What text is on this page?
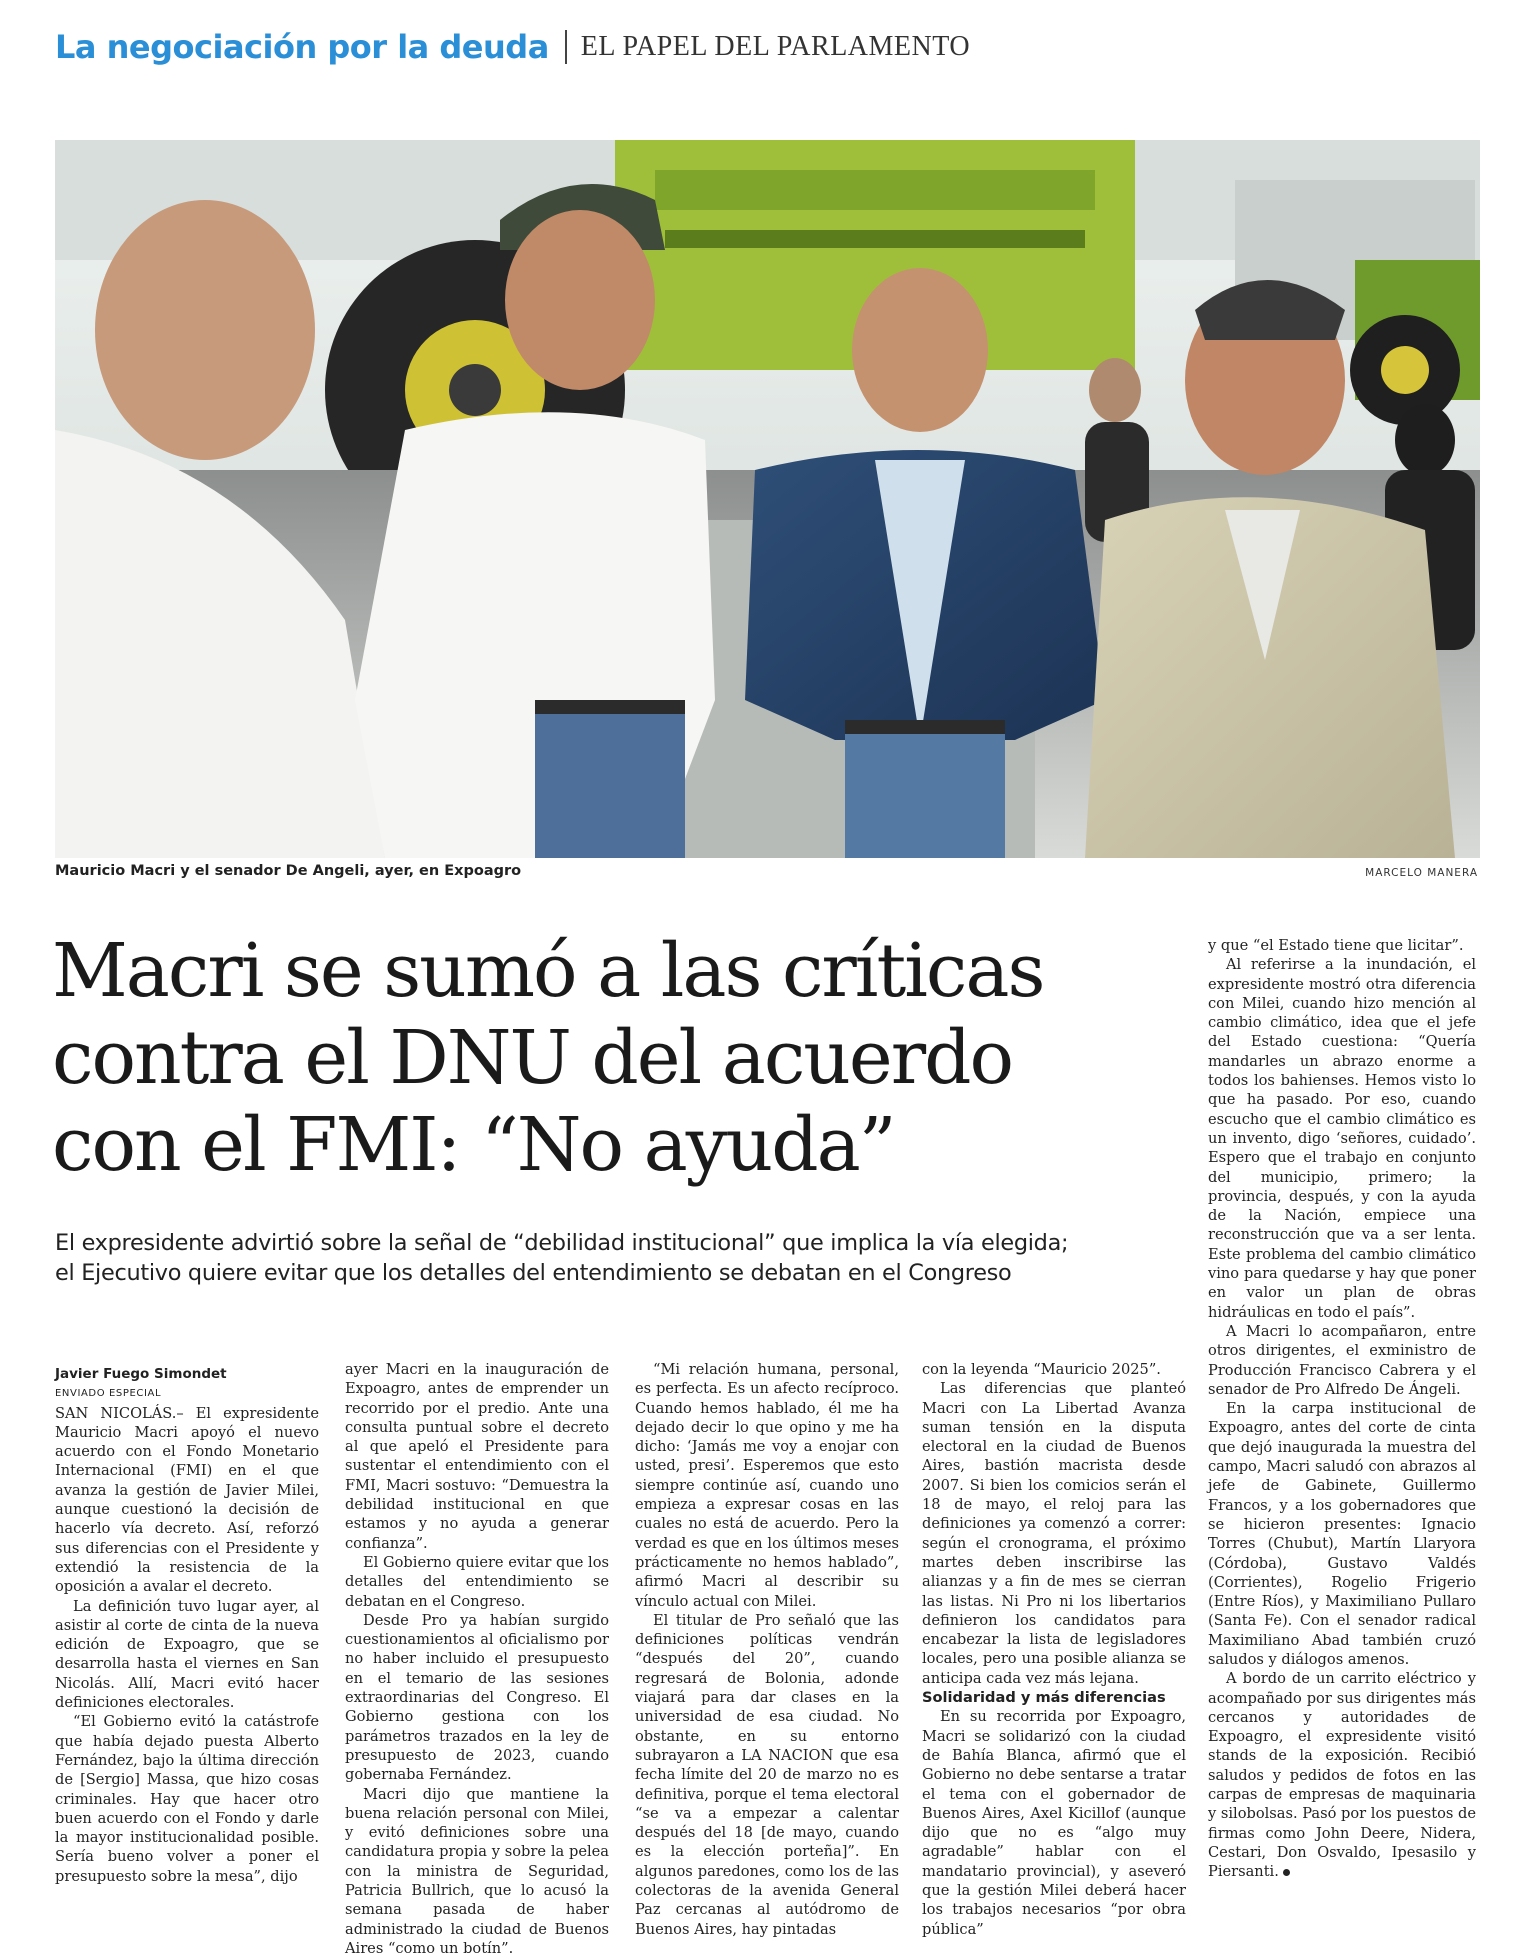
La negociación por la deuda EL PAPEL DEL PARLAMENTO
Mauricio Macri y el senador De Angeli, ayer, en Expoagro	MARCELO MANERA
Macri se sumó a las críticas
contra el DNU del acuerdo
con el FMI: “No ayuda”

El expresidente advirtió sobre la señal de “debilidad institucional” que implica la vía elegida;
el Ejecutivo quiere evitar que los detalles del entendimiento se debatan en el Congreso

Javier Fuego Simondet

ENVIADO ESPECIAL

SAN NICOLÁS.– El expresidente Mauricio Macri apoyó el nuevo acuerdo con el Fondo Monetario Internacional (FMI) en el que avanza la gestión de Javier Milei, aunque cuestionó la decisión de hacerlo vía decreto. Así, reforzó sus diferencias con el Presidente y extendió la resistencia de la oposición a avalar el decreto.

La definición tuvo lugar ayer, al asistir al corte de cinta de la nueva edición de Expoagro, que se desarrolla hasta el viernes en San Nicolás. Allí, Macri evitó hacer definiciones electorales.

“El Gobierno evitó la catástrofe que había dejado puesta Alberto Fernández, bajo la última dirección de [Sergio] Massa, que hizo cosas criminales. Hay que hacer otro buen acuerdo con el Fondo y darle la mayor institucionalidad posible. Sería bueno volver a poner el presupuesto sobre la mesa”, dijo

ayer Macri en la inauguración de Expoagro, antes de emprender un recorrido por el predio. Ante una consulta puntual sobre el decreto al que apeló el Presidente para sustentar el entendimiento con el FMI, Macri sostuvo: “Demuestra la debilidad institucional en que estamos y no ayuda a generar confianza”.

El Gobierno quiere evitar que los detalles del entendimiento se debatan en el Congreso.

Desde Pro ya habían surgido cuestionamientos al oficialismo por no haber incluido el presupuesto en el temario de las sesiones extraordinarias del Congreso. El Gobierno gestiona con los parámetros trazados en la ley de presupuesto de 2023, cuando gobernaba Fernández.

Macri dijo que mantiene la buena relación personal con Milei, y evitó definiciones sobre una candidatura propia y sobre la pelea con la ministra de Seguridad, Patricia Bullrich, que lo acusó la semana pasada de haber administrado la ciudad de Buenos Aires “como un botín”.

“Mi relación humana, personal, es perfecta. Es un afecto recíproco. Cuando hemos hablado, él me ha dejado decir lo que opino y me ha dicho: ‘Jamás me voy a enojar con usted, presi’. Esperemos que esto siempre continúe así, cuando uno empieza a expresar cosas en las cuales no está de acuerdo. Pero la verdad es que en los últimos meses prácticamente no hemos hablado”, afirmó Macri al describir su vínculo actual con Milei.

El titular de Pro señaló que las definiciones políticas vendrán “después del 20”, cuando regresará de Bolonia, adonde viajará para dar clases en la universidad de esa ciudad. No obstante, en su entorno subrayaron a LA NACION que esa fecha límite del 20 de marzo no es definitiva, porque el tema electoral “se va a empezar a calentar después del 18 [de mayo, cuando es la elección porteña]”. En algunos paredones, como los de las colectoras de la avenida General Paz cercanas al autódromo de Buenos Aires, hay pintadas

con la leyenda “Mauricio 2025”.

Las diferencias que planteó Macri con La Libertad Avanza suman tensión en la disputa electoral en la ciudad de Buenos Aires, bastión macrista desde 2007. Si bien los comicios serán el 18 de mayo, el reloj para las definiciones ya comenzó a correr: según el cronograma, el próximo martes deben inscribirse las alianzas y a fin de mes se cierran las listas. Ni Pro ni los libertarios definieron los candidatos para encabezar la lista de legisladores locales, pero una posible alianza se anticipa cada vez más lejana.

Solidaridad y más diferencias

En su recorrida por Expoagro, Macri se solidarizó con la ciudad de Bahía Blanca, afirmó que el Gobierno no debe sentarse a tratar el tema con el gobernador de Buenos Aires, Axel Kicillof (aunque dijo que no es “algo muy agradable” hablar con el mandatario provincial), y aseveró que la gestión Milei deberá hacer los trabajos necesarios “por obra pública”

y que “el Estado tiene que licitar”.

Al referirse a la inundación, el expresidente mostró otra diferencia con Milei, cuando hizo mención al cambio climático, idea que el jefe del Estado cuestiona: “Quería mandarles un abrazo enorme a todos los bahienses. Hemos visto lo que ha pasado. Por eso, cuando escucho que el cambio climático es un invento, digo ‘señores, cuidado’. Espero que el trabajo en conjunto del municipio, primero; la provincia, después, y con la ayuda de la Nación, empiece una reconstrucción que va a ser lenta. Este problema del cambio climático vino para quedarse y hay que poner en valor un plan de obras hidráulicas en todo el país”.

A Macri lo acompañaron, entre otros dirigentes, el exministro de Producción Francisco Cabrera y el senador de Pro Alfredo De Ángeli.

En la carpa institucional de Expoagro, antes del corte de cinta que dejó inaugurada la muestra del campo, Macri saludó con abrazos al jefe de Gabinete, Guillermo Francos, y a los gobernadores que se hicieron presentes: Ignacio Torres (Chubut), Martín Llaryora (Córdoba), Gustavo Valdés (Corrientes), Rogelio Frigerio (Entre Ríos), y Maximiliano Pullaro (Santa Fe). Con el senador radical Maximiliano Abad también cruzó saludos y diálogos amenos.

A bordo de un carrito eléctrico y acompañado por sus dirigentes más cercanos y autoridades de Expoagro, el expresidente visitó stands de la exposición. Recibió saludos y pedidos de fotos en las carpas de empresas de maquinaria y silobolsas. Pasó por los puestos de firmas como John Deere, Nidera, Cestari, Don Osvaldo, Ipesasilo y Piersanti.
